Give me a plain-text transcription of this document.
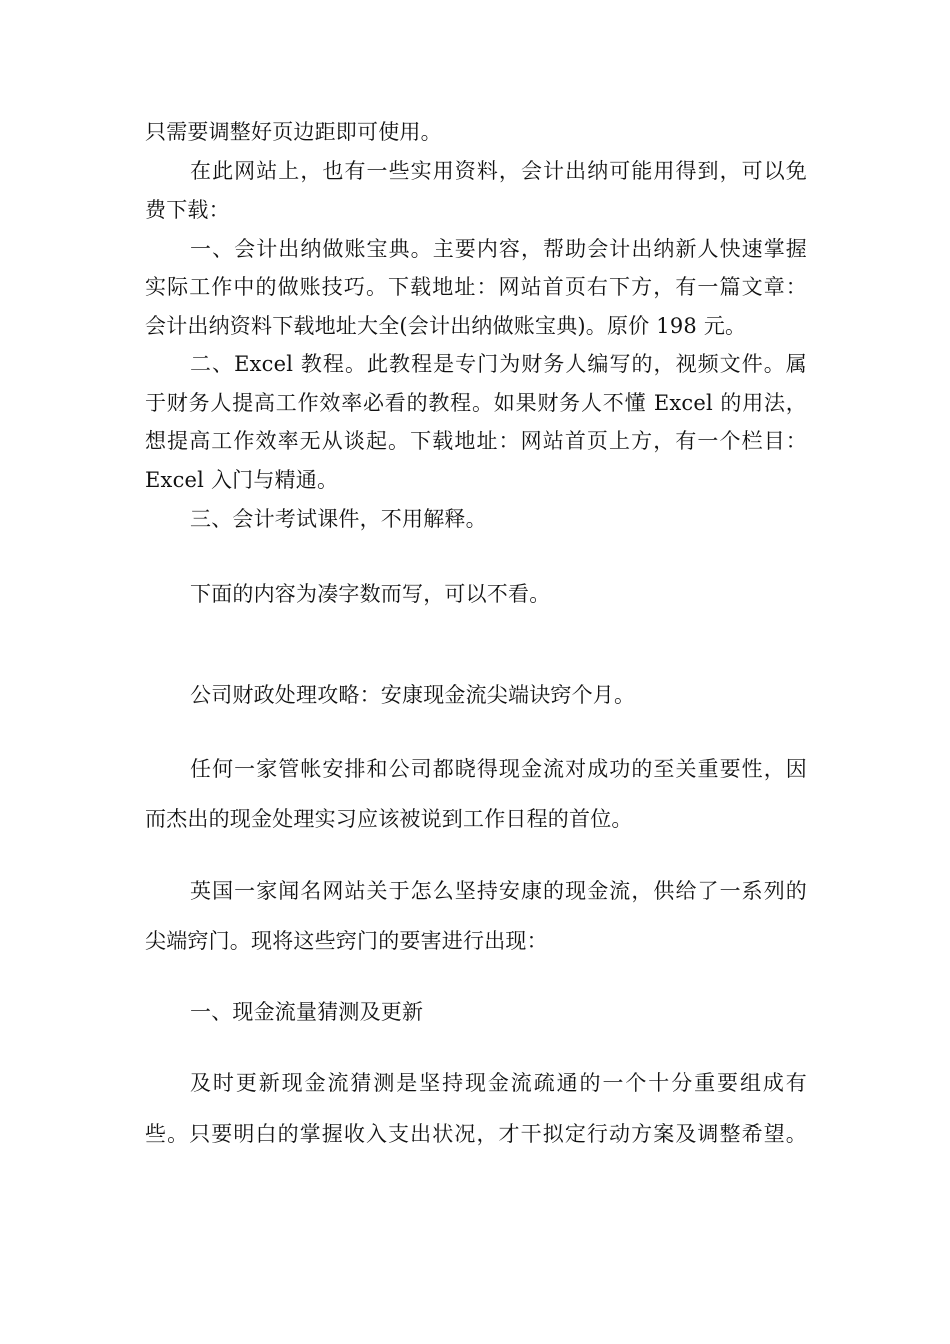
只需要调整好页边距即可使用。
在此网站上，也有一些实用资料，会计出纳可能用得到，可以免
费下载：
一、会计出纳做账宝典。主要内容，帮助会计出纳新人快速掌握
实际工作中的做账技巧。下载地址：网站首页右下方，有一篇文章：
会计出纳资料下载地址大全(会计出纳做账宝典)。原价 198 元。
二、Excel 教程。此教程是专门为财务人编写的，视频文件。属
于财务人提高工作效率必看的教程。如果财务人不懂 Excel 的用法，
想提高工作效率无从谈起。下载地址：网站首页上方，有一个栏目：
Excel 入门与精通。
三、会计考试课件，不用解释。
下面的内容为凑字数而写，可以不看。
公司财政处理攻略：安康现金流尖端诀窍个月。
任何一家管帐安排和公司都晓得现金流对成功的至关重要性，因
而杰出的现金处理实习应该被说到工作日程的首位。
英国一家闻名网站关于怎么坚持安康的现金流，供给了一系列的
尖端窍门。现将这些窍门的要害进行出现：
一、现金流量猜测及更新
及时更新现金流猜测是坚持现金流疏通的一个十分重要组成有
些。只要明白的掌握收入支出状况，才干拟定行动方案及调整希望。
